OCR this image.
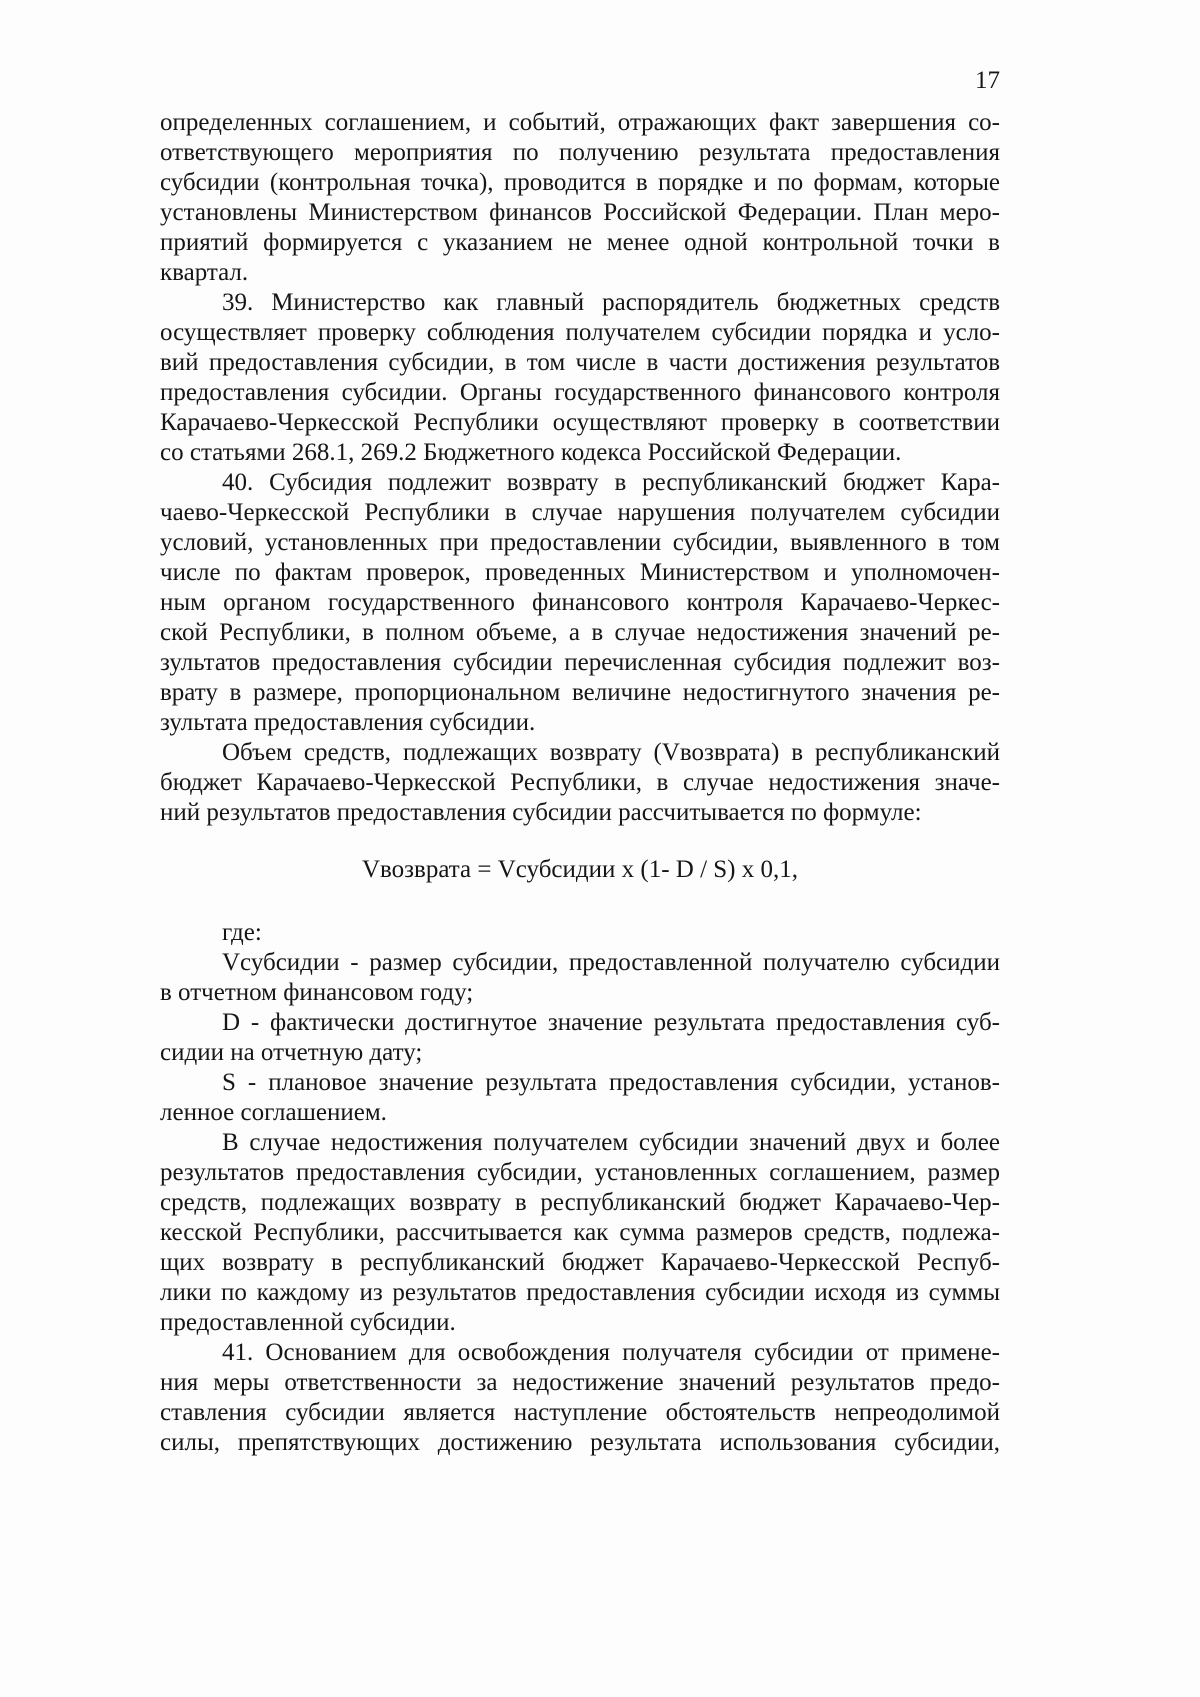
17
определенных соглашением, и событий, отражающих факт завершения со-
ответствующего мероприятия по получению результата предоставления
субсидии (контрольная точка), проводится в порядке и по формам, которые
установлены Министерством финансов Российской Федерации. План меро-
приятий формируется с указанием не менее одной контрольной точки в
квартал.
39. Министерство как главный распорядитель бюджетных средств
осуществляет проверку соблюдения получателем субсидии порядка и усло-
вий предоставления субсидии, в том числе в части достижения результатов
предоставления субсидии. Органы государственного финансового контроля
Карачаево-Черкесской Республики осуществляют проверку в соответствии
со статьями 268.1, 269.2 Бюджетного кодекса Российской Федерации.
40. Субсидия подлежит возврату в республиканский бюджет Кара-
чаево-Черкесской Республики в случае нарушения получателем субсидии
условий, установленных при предоставлении субсидии, выявленного в том
числе по фактам проверок, проведенных Министерством и уполномочен-
ным органом государственного финансового контроля Карачаево-Черкес-
ской Республики, в полном объеме, а в случае недостижения значений ре-
зультатов предоставления субсидии перечисленная субсидия подлежит воз-
врату в размере, пропорциональном величине недостигнутого значения ре-
зультата предоставления субсидии.
Объем средств, подлежащих возврату (Vвозврата) в республиканский
бюджет Карачаево-Черкесской Республики, в случае недостижения значе-
ний результатов предоставления субсидии рассчитывается по формуле:
Vвозврата = Vсубсидии x (1- D / S) x 0,1,
где:
Vсубсидии - размер субсидии, предоставленной получателю субсидии
в отчетном финансовом году;
D - фактически достигнутое значение результата предоставления суб-
сидии на отчетную дату;
S - плановое значение результата предоставления субсидии, установ-
ленное соглашением.
В случае недостижения получателем субсидии значений двух и более
результатов предоставления субсидии, установленных соглашением, размер
средств, подлежащих возврату в республиканский бюджет Карачаево-Чер-
кесской Республики, рассчитывается как сумма размеров средств, подлежа-
щих возврату в республиканский бюджет Карачаево-Черкесской Респуб-
лики по каждому из результатов предоставления субсидии исходя из суммы
предоставленной субсидии.
41. Основанием для освобождения получателя субсидии от примене-
ния меры ответственности за недостижение значений результатов предо-
ставления субсидии является наступление обстоятельств непреодолимой
силы, препятствующих достижению результата использования субсидии,
